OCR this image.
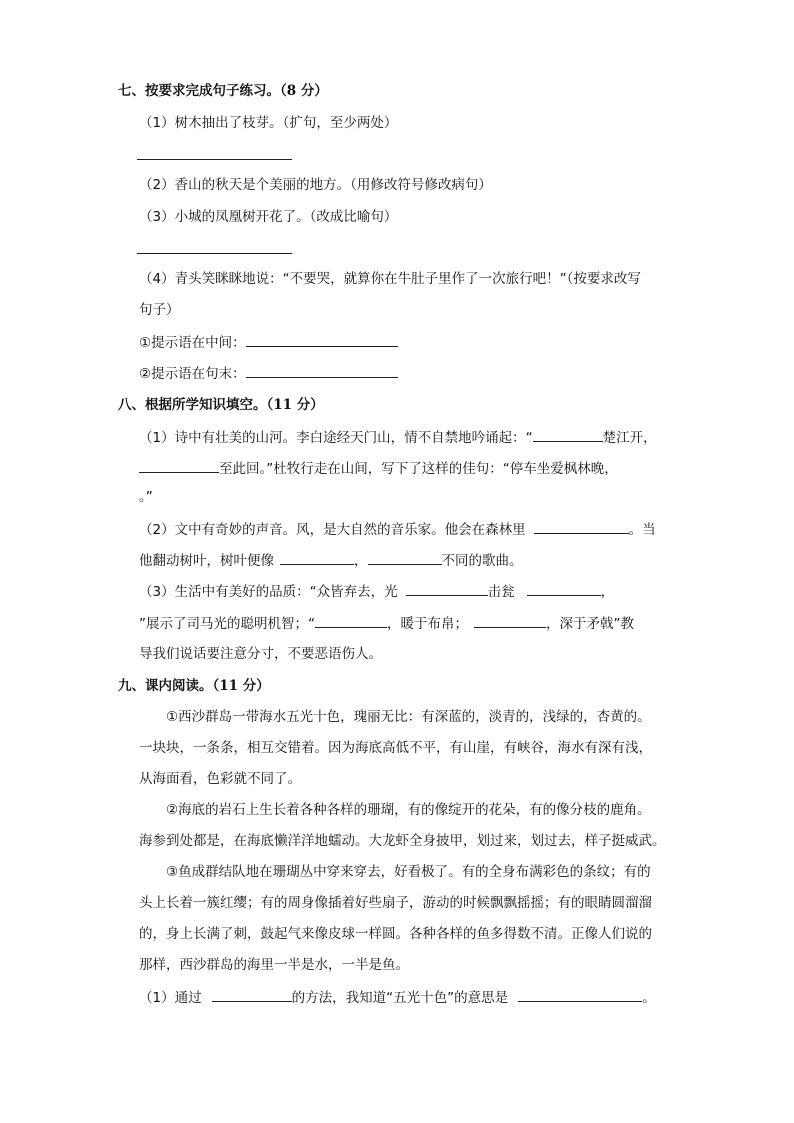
七、按要求完成句子练习。（8 分）
（1）树木抽出了枝芽。（扩句，至少两处）
（2）香山的秋天是个美丽的地方。（用修改符号修改病句）
（3）小城的凤凰树开花了。（改成比喻句）
（4）青头笑眯眯地说：“不要哭，就算你在牛肚子里作了一次旅行吧！”（按要求改写
句子）
①提示语在中间：
②提示语在句末：
八、根据所学知识填空。（11 分）
（1）诗中有壮美的山河。李白途经天门山，情不自禁地吟诵起：“	楚江开，
至此回。”杜牧行走在山间，写下了这样的佳句：“停车坐爱枫林晚，
。”
（2）文中有奇妙的声音。风，是大自然的音乐家。他会在森林里	。当
他翻动树叶，树叶便像	，	不同的歌曲。
（3）生活中有美好的品质：“众皆弃去，光	击瓮	，
”展示了司马光的聪明机智；“	，暖于布帛；	，深于矛戟”教
导我们说话要注意分寸，不要恶语伤人。
九、课内阅读。（11 分）
①西沙群岛一带海水五光十色，瑰丽无比：有深蓝的，淡青的，浅绿的，杏黄的。
一块块，一条条，相互交错着。因为海底高低不平，有山崖，有峡谷，海水有深有浅，
从海面看，色彩就不同了。
②海底的岩石上生长着各种各样的珊瑚，有的像绽开的花朵，有的像分枝的鹿角。
海参到处都是，在海底懒洋洋地蠕动。大龙虾全身披甲，划过来，划过去，样子挺威武。
③鱼成群结队地在珊瑚丛中穿来穿去，好看极了。有的全身布满彩色的条纹；有的
头上长着一簇红缨；有的周身像插着好些扇子，游动的时候飘飘摇摇；有的眼睛圆溜溜
的，身上长满了刺，鼓起气来像皮球一样圆。各种各样的鱼多得数不清。正像人们说的
那样，西沙群岛的海里一半是水，一半是鱼。
（1）通过	的方法，我知道“五光十色”的意思是	。
